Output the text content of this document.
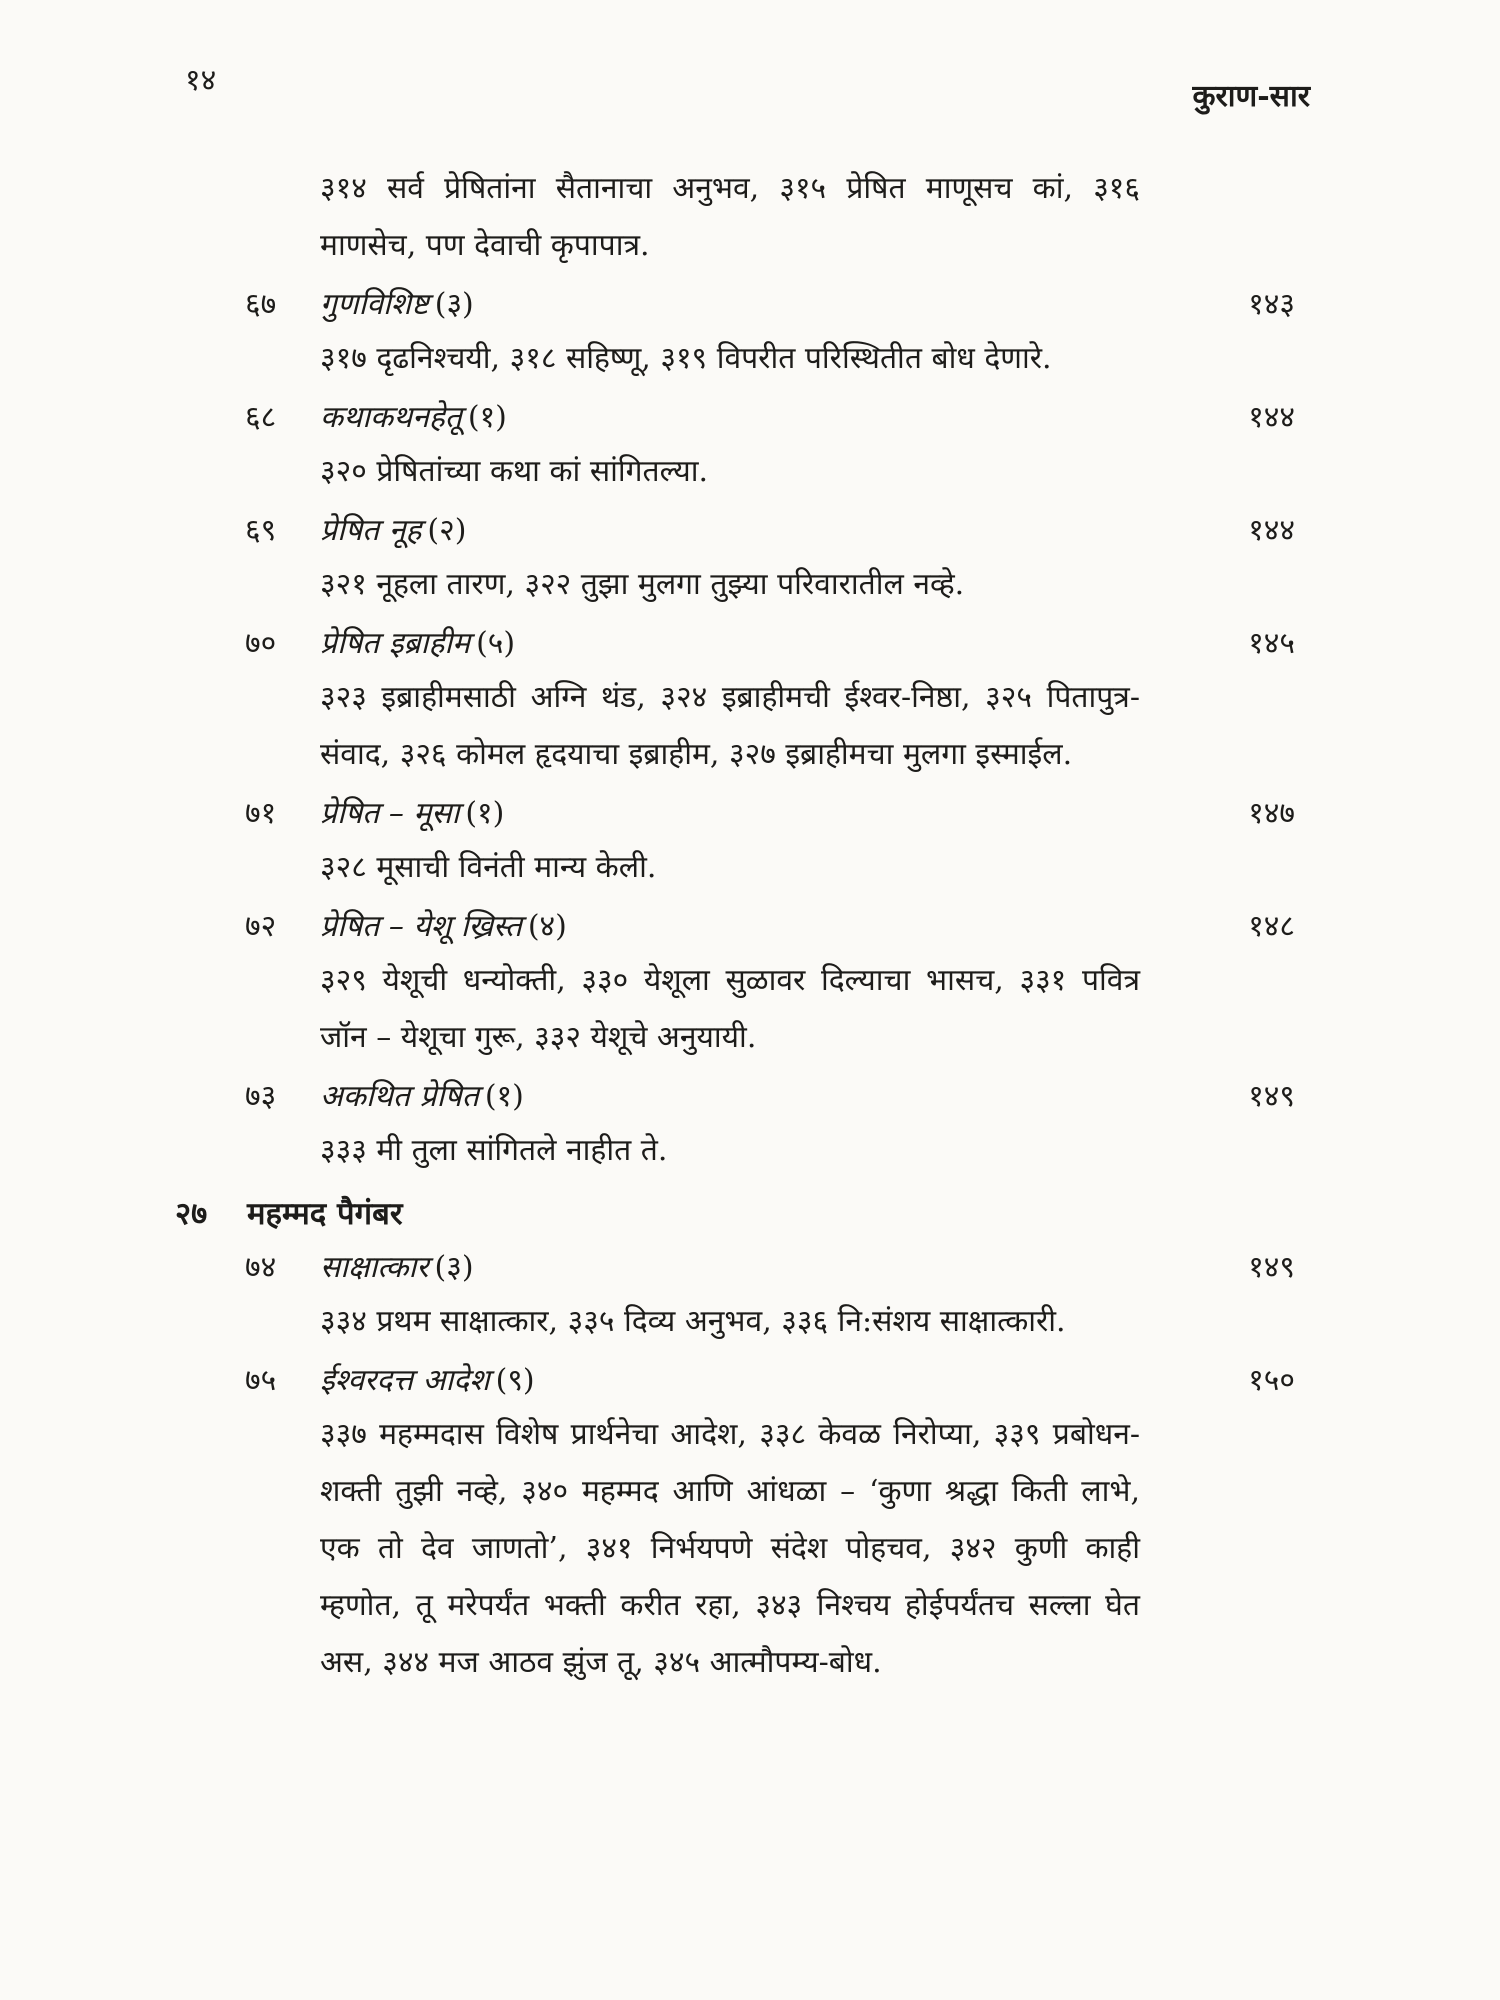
१४	कुराण-सार
३१४ सर्व प्रेषितांना सैतानाचा अनुभव, ३१५ प्रेषित माणूसच कां, ३१६ माणसेच, पण देवाची कृपापात्र.
६७ गुणविशिष्ट (३)	१४३
३१७ दृढनिश्चयी, ३१८ सहिष्णू, ३१९ विपरीत परिस्थितीत बोध देणारे.
६८ कथाकथनहेतू (१)	१४४
३२० प्रेषितांच्या कथा कां सांगितल्या.
६९ प्रेषित नूह (२)	१४४
३२१ नूहला तारण, ३२२ तुझा मुलगा तुझ्या परिवारातील नव्हे.
७० प्रेषित इब्राहीम (५)	१४५
३२३ इब्राहीमसाठी अग्नि थंड, ३२४ इब्राहीमची ईश्वर-निष्ठा, ३२५ पितापुत्र-संवाद, ३२६ कोमल हृदयाचा इब्राहीम, ३२७ इब्राहीमचा मुलगा इस्माईल.
७१ प्रेषित – मूसा (१)	१४७
३२८ मूसाची विनंती मान्य केली.
७२ प्रेषित – येशू ख्रिस्त (४)	१४८
३२९ येशूची धन्योक्ती, ३३० येशूला सुळावर दिल्याचा भासच, ३३१ पवित्र जॉन – येशूचा गुरू, ३३२ येशूचे अनुयायी.
७३ अकथित प्रेषित (१)	१४९
३३३ मी तुला सांगितले नाहीत ते.
२७ महम्मद पैगंबर
७४ साक्षात्कार (३)	१४९
३३४ प्रथम साक्षात्कार, ३३५ दिव्य अनुभव, ३३६ नि:संशय साक्षात्कारी.
७५ ईश्वरदत्त आदेश (९)	१५०
३३७ महम्मदास विशेष प्रार्थनेचा आदेश, ३३८ केवळ निरोप्या, ३३९ प्रबोधन-शक्ती तुझी नव्हे, ३४० महम्मद आणि आंधळा – ‘कुणा श्रद्धा किती लाभे, एक तो देव जाणतो’, ३४१ निर्भयपणे संदेश पोहचव, ३४२ कुणी काही म्हणोत, तू मरेपर्यंत भक्ती करीत रहा, ३४३ निश्चय होईपर्यंतच सल्ला घेत अस, ३४४ मज आठव झुंज तू, ३४५ आत्मौपम्य-बोध.
